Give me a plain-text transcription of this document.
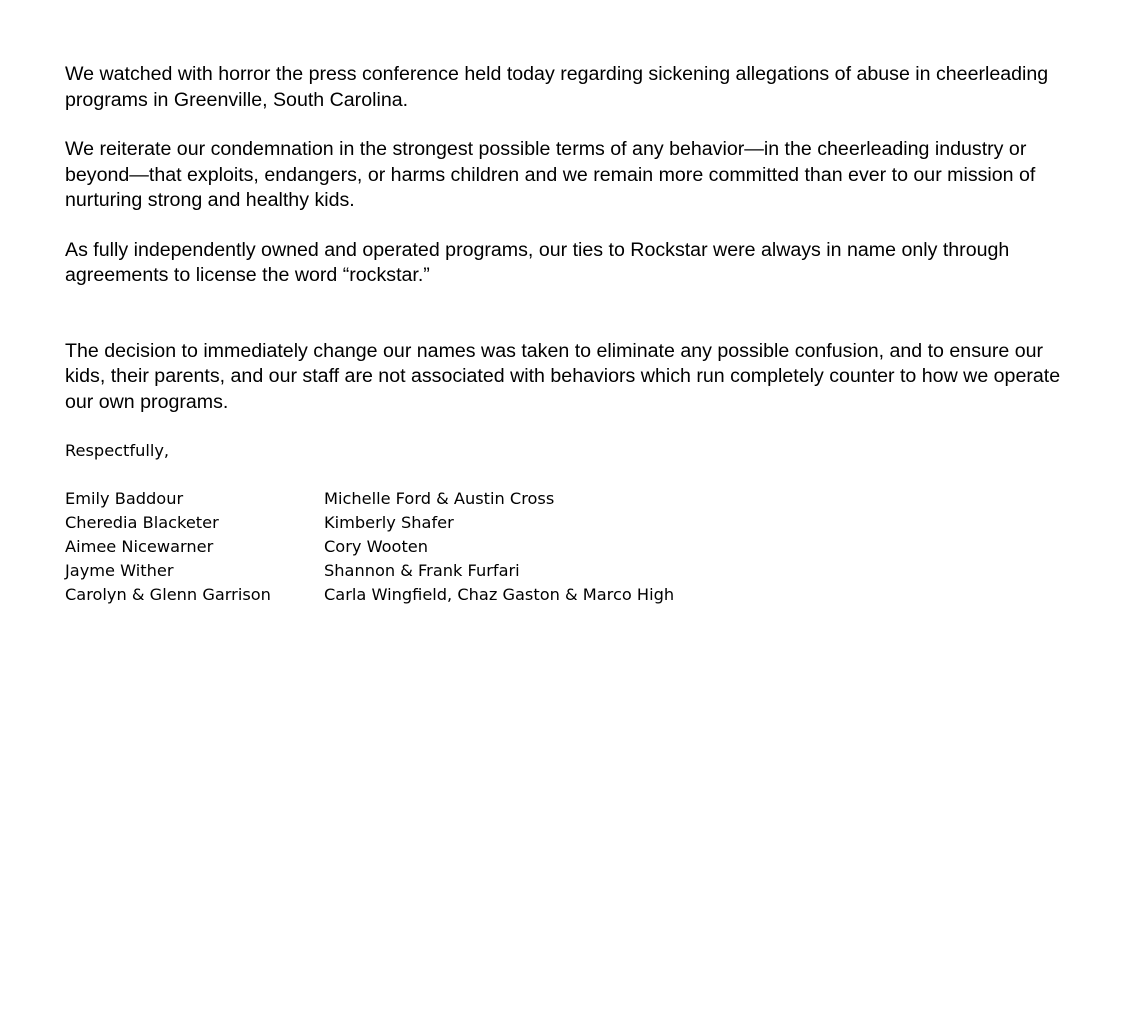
We watched with horror the press conference held today regarding sickening allegations of abuse in cheerleading programs in Greenville, South Carolina.

We reiterate our condemnation in the strongest possible terms of any behavior—in the cheerleading industry or beyond—that exploits, endangers, or harms children and we remain more committed than ever to our mission of nurturing strong and healthy kids.

As fully independently owned and operated programs, our ties to Rockstar were always in name only through agreements to license the word “rockstar.”

The decision to immediately change our names was taken to eliminate any possible confusion, and to ensure our kids, their parents, and our staff are not associated with behaviors which run completely counter to how we operate our own programs.

Respectfully,
Emily Baddour
Cheredia Blacketer
Aimee Nicewarner
Jayme Wither
Carolyn & Glenn Garrison
Michelle Ford & Austin Cross
Kimberly Shafer
Cory Wooten
Shannon & Frank Furfari
Carla Wingfield, Chaz Gaston & Marco High
